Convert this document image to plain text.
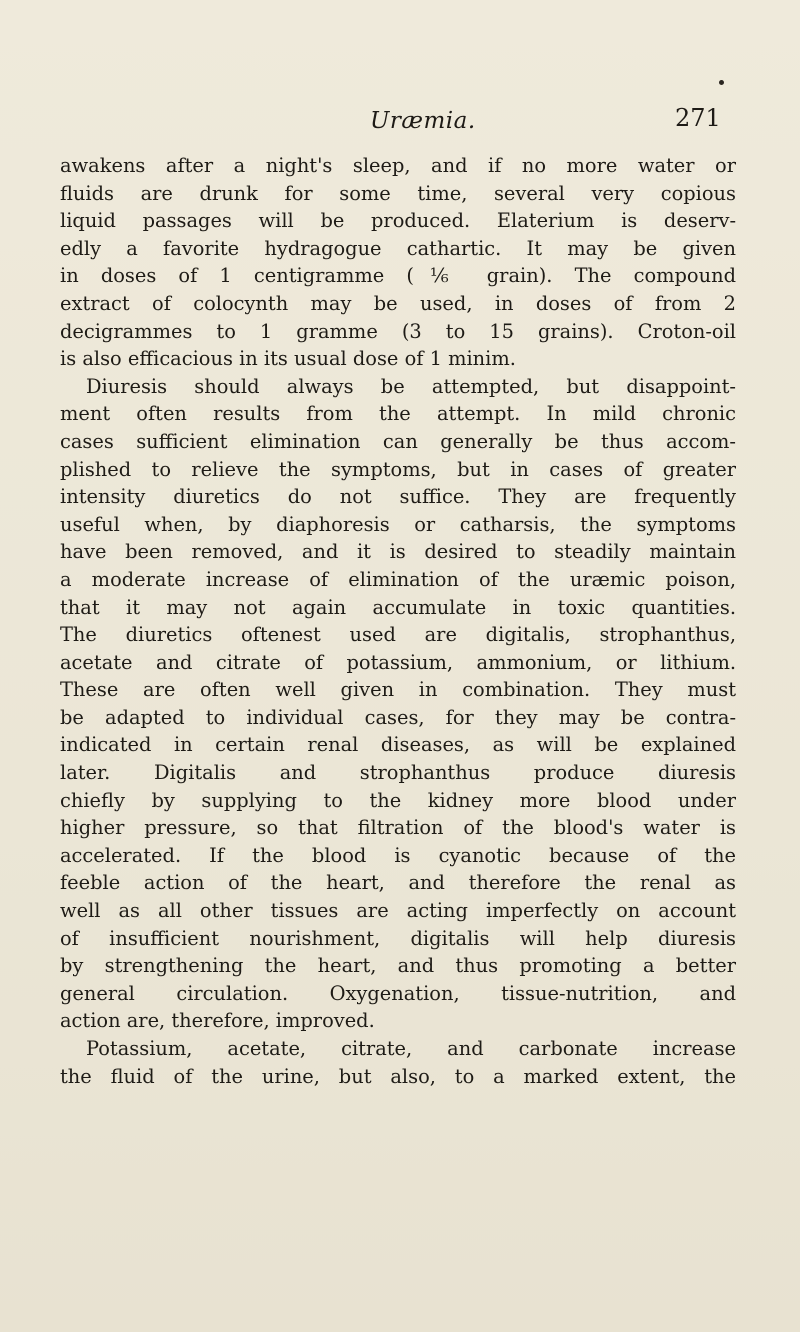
Uræmia.	271
awakens after a night's sleep, and if no more water or
fluids are drunk for some time, several very copious
liquid passages will be produced. Elaterium is deserv-
edly a favorite hydragogue cathartic. It may be given
in doses of 1 centigramme (⅙ grain). The compound
extract of colocynth may be used, in doses of from 2
decigrammes to 1 gramme (3 to 15 grains). Croton-oil
is also efficacious in its usual dose of 1 minim.
Diuresis should always be attempted, but disappoint-
ment often results from the attempt. In mild chronic
cases sufficient elimination can generally be thus accom-
plished to relieve the symptoms, but in cases of greater
intensity diuretics do not suffice. They are frequently
useful when, by diaphoresis or catharsis, the symptoms
have been removed, and it is desired to steadily maintain
a moderate increase of elimination of the uræmic poison,
that it may not again accumulate in toxic quantities.
The diuretics oftenest used are digitalis, strophanthus,
acetate and citrate of potassium, ammonium, or lithium.
These are often well given in combination. They must
be adapted to individual cases, for they may be contra-
indicated in certain renal diseases, as will be explained
later. Digitalis and strophanthus produce diuresis
chiefly by supplying to the kidney more blood under
higher pressure, so that filtration of the blood's water is
accelerated. If the blood is cyanotic because of the
feeble action of the heart, and therefore the renal as
well as all other tissues are acting imperfectly on account
of insufficient nourishment, digitalis will help diuresis
by strengthening the heart, and thus promoting a better
general circulation. Oxygenation, tissue-nutrition, and
action are, therefore, improved.
Potassium, acetate, citrate, and carbonate increase
the fluid of the urine, but also, to a marked extent, the
